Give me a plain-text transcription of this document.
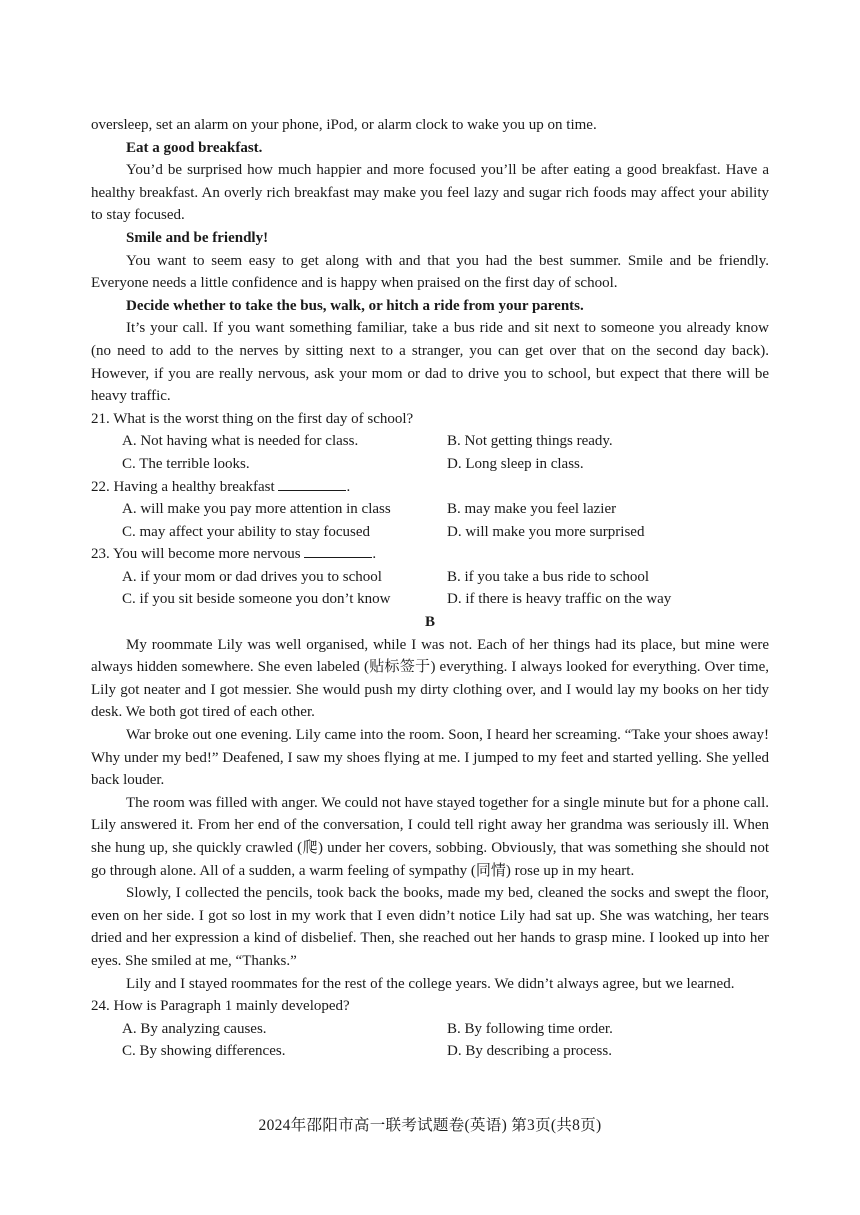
oversleep, set an alarm on your phone, iPod, or alarm clock to wake you up on time.

Eat a good breakfast.

You’d be surprised how much happier and more focused you’ll be after eating a good breakfast. Have a healthy breakfast. An overly rich breakfast may make you feel lazy and sugar rich foods may affect your ability to stay focused.

Smile and be friendly!

You want to seem easy to get along with and that you had the best summer. Smile and be friendly. Everyone needs a little confidence and is happy when praised on the first day of school.

Decide whether to take the bus, walk, or hitch a ride from your parents.

It’s your call. If you want something familiar, take a bus ride and sit next to someone you already know (no need to add to the nerves by sitting next to a stranger, you can get over that on the second day back). However, if you are really nervous, ask your mom or dad to drive you to school, but expect that there will be heavy traffic.

21. What is the worst thing on the first day of school?

A. Not having what is needed for class.	B. Not getting things ready.
C. The terrible looks.	D. Long sleep in class.

22. Having a healthy breakfast	.

A. will make you pay more attention in class	B. may make you feel lazier
C. may affect your ability to stay focused	D. will make you more surprised

23. You will become more nervous	.

A. if your mom or dad drives you to school	B. if you take a bus ride to school
C. if you sit beside someone you don’t know	D. if there is heavy traffic on the way
B

My roommate Lily was well organised, while I was not. Each of her things had its place, but mine were always hidden somewhere. She even labeled (贴标签于) everything. I always looked for everything. Over time, Lily got neater and I got messier. She would push my dirty clothing over, and I would lay my books on her tidy desk. We both got tired of each other.

War broke out one evening. Lily came into the room. Soon, I heard her screaming. “Take your shoes away! Why under my bed!” Deafened, I saw my shoes flying at me. I jumped to my feet and started yelling. She yelled back louder.

The room was filled with anger. We could not have stayed together for a single minute but for a phone call. Lily answered it. From her end of the conversation, I could tell right away her grandma was seriously ill. When she hung up, she quickly crawled (爬) under her covers, sobbing. Obviously, that was something she should not go through alone. All of a sudden, a warm feeling of sympathy (同情) rose up in my heart.

Slowly, I collected the pencils, took back the books, made my bed, cleaned the socks and swept the floor, even on her side. I got so lost in my work that I even didn’t notice Lily had sat up. She was watching, her tears dried and her expression a kind of disbelief. Then, she reached out her hands to grasp mine. I looked up into her eyes. She smiled at me, “Thanks.”

Lily and I stayed roommates for the rest of the college years. We didn’t always agree, but we learned.

24. How is Paragraph 1 mainly developed?

A. By analyzing causes.	B. By following time order.
C. By showing differences.	D. By describing a process.
2024年邵阳市高一联考试题卷(英语) 第3页(共8页)
